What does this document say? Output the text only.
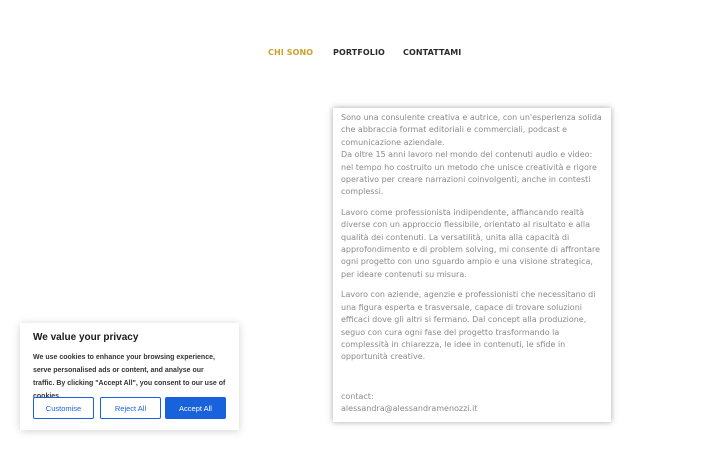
CHI SONO PORTFOLIO CONTATTAMI
Sono una consulente creativa e autrice, con un'esperienza solida che abbraccia format editoriali e commerciali, podcast e comunicazione aziendale.
Da oltre 15 anni lavoro nel mondo dei contenuti audio e video: nel tempo ho costruito un metodo che unisce creatività e rigore operativo per creare narrazioni coinvolgenti, anche in contesti complessi.

Lavoro come professionista indipendente, affiancando realtà diverse con un approccio flessibile, orientato al risultato e alla qualità dei contenuti. La versatilità, unita alla capacità di approfondimento e di problem solving, mi consente di affrontare ogni progetto con uno sguardo ampio e una visione strategica, per ideare contenuti su misura.

Lavoro con aziende, agenzie e professionisti che necessitano di una figura esperta e trasversale, capace di trovare soluzioni efficaci dove gli altri si fermano. Dal concept alla produzione, seguo con cura ogni fase del progetto trasformando la complessità in chiarezza, le idee in contenuti, le sfide in opportunità creative.

contact:
alessandra@alessandramenozzi.it
We value your privacy

We use cookies to enhance your browsing experience, serve personalised ads or content, and analyse our traffic. By clicking "Accept All", you consent to our use of

Customise	Reject All	Accept All
